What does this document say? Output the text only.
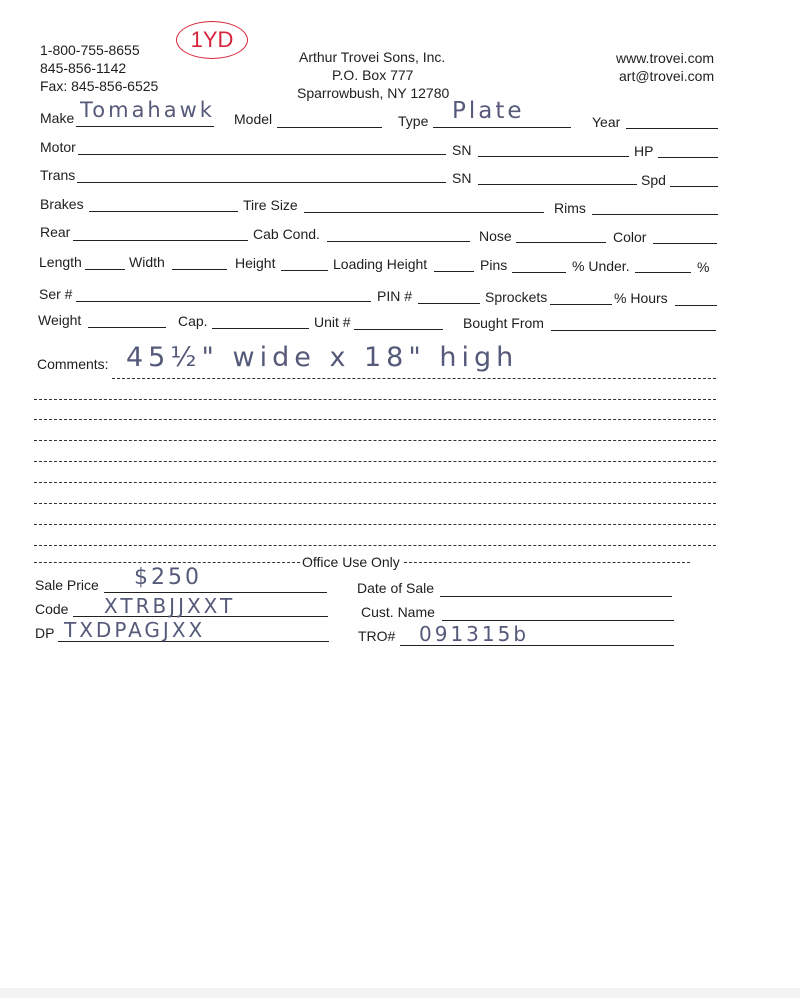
1-800-755-8655
845-856-1142
Fax: 845-856-6525
1YD
Arthur Trovei Sons, Inc.
P.O. Box 777
Sparrowbush, NY 12780
www.trovei.com
art@trovei.com
Make Tomahawk Model	Type Plate	Year
Motor	SN	HP
Trans	SN	Spd
Brakes	Tire Size	Rims
Rear	Cab Cond.	Nose	Color
Length	Width	Height	Loading Height	Pins	% Under.	%
Ser #	PIN #	Sprockets	% Hours
Weight	Cap.	Unit #	Bought From
Comments: 45½" wide x 18" high
Office Use Only
Sale Price $250	Date of Sale
Code XTRBJJXXT	Cust. Name
DP TXDPAGJXX	TRO# 091315b
